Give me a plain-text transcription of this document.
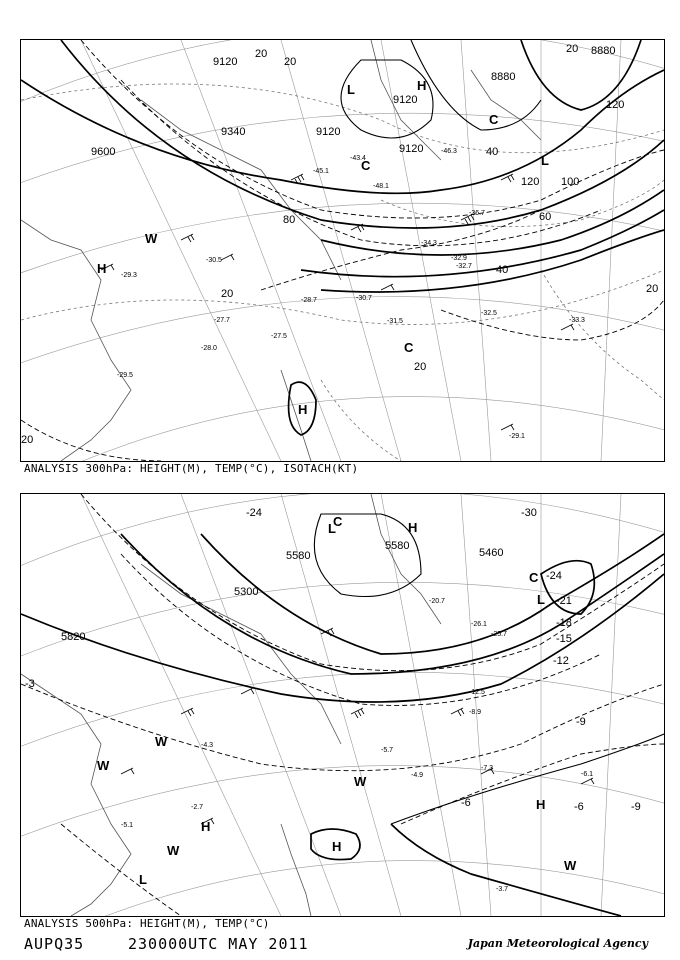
9120
9120
9120
9120
9340
9600
8880
8880
20
20
20
20
20
20
20
40
40
60
80
100
120
120
-36.7
-34.3
-32.9
-32.7
-30.5
-30.7
-31.5
-32.5
-33.3
-28.7
-27.7
-27.5
-29.5
-29.1
-28.0
-29.3
-46.3
-48.1
-45.1
-43.4
H
H
H
L
L
C
C
C
W
ANALYSIS 300hPa: HEIGHT(M), TEMP(°C), ISOTACH(KT)
5580
5580
5460
5300
5820
-24	-30
-24
-21
-18
-15
-12
-9
-6	-6	-9
-3
-20.7
-26.1
-25.7
-12.5
-8.9
-5.7
-4.9
-7.3
-6.1
-3.7
-2.7
-4.3
-5.1
L
L
L
H
H
H
H
W
W
W
W
W
C
C
ANALYSIS 500hPa: HEIGHT(M), TEMP(°C)
AUPQ35	230000UTC MAY 2011	Japan Meteorological Agency
